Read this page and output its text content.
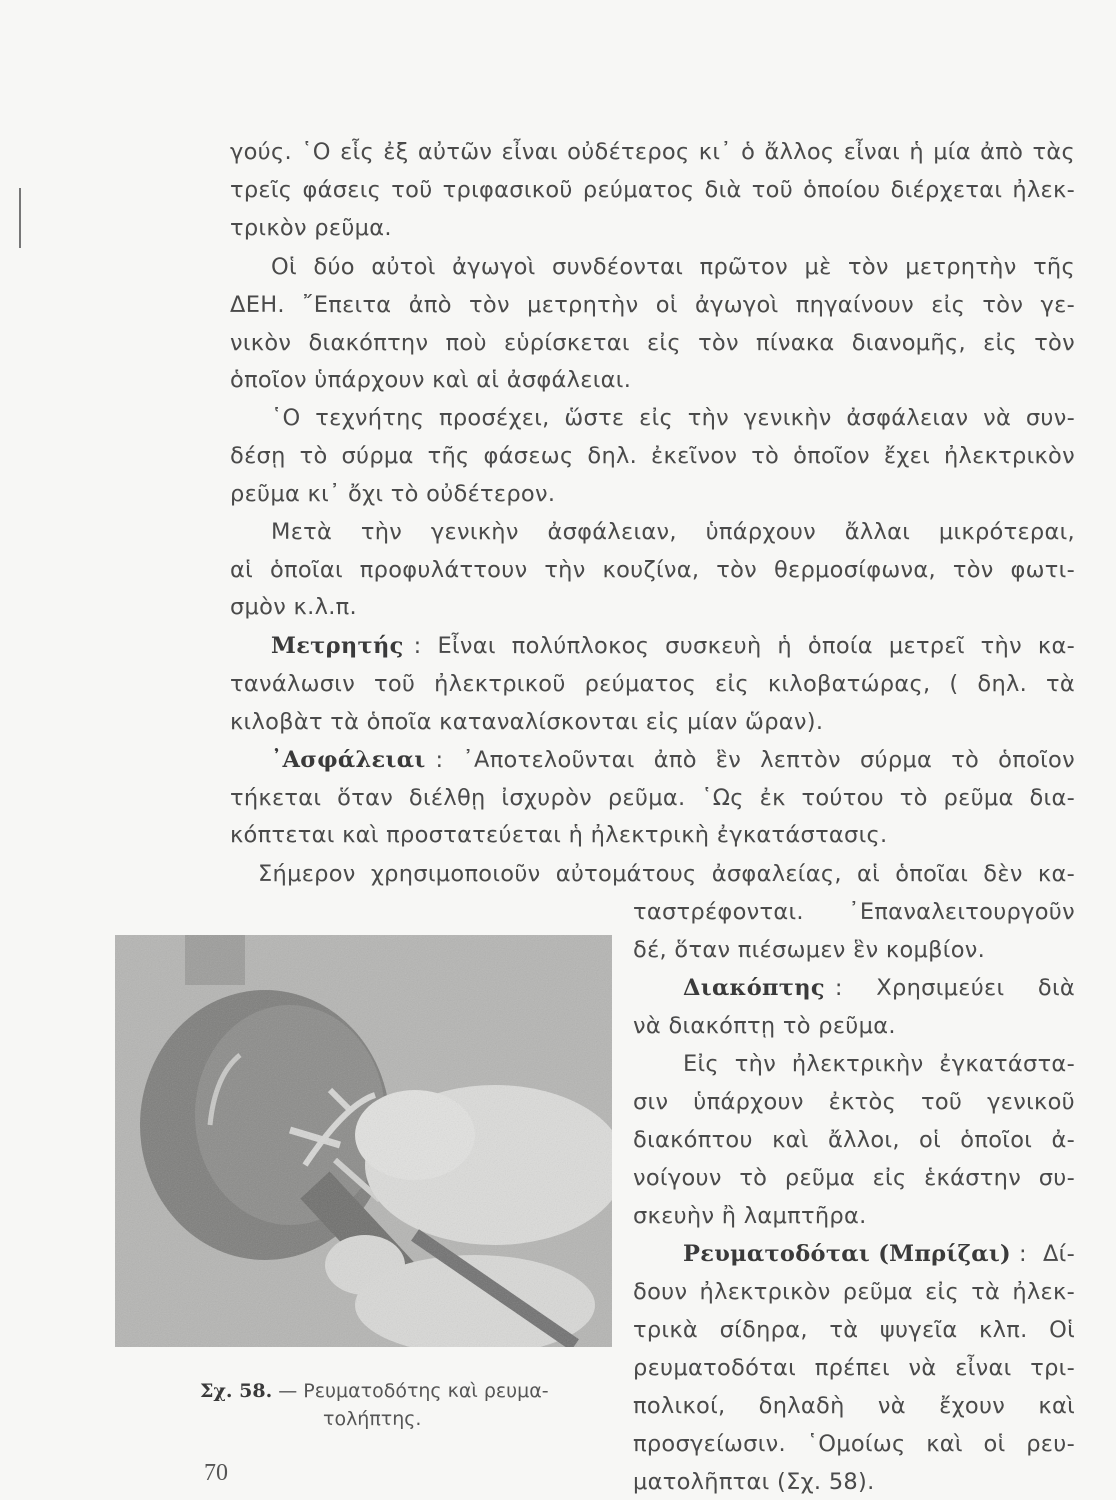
γούς. ῾Ο εἷς ἐξ αὐτῶν εἶναι οὐδέτερος κι᾿ ὁ ἄλλος εἶναι ἡ μία ἀπὸ τὰς
τρεῖς φάσεις τοῦ τριφασικοῦ ρεύματος διὰ τοῦ ὁποίου διέρχεται ἠλεκ-
τρικὸν ρεῦμα.
Οἱ δύο αὐτοὶ ἀγωγοὶ συνδέονται πρῶτον μὲ τὸν μετρητὴν τῆς
ΔΕΗ. ῎Επειτα ἀπὸ τὸν μετρητὴν οἱ ἀγωγοὶ πηγαίνουν εἰς τὸν γε-
νικὸν διακόπτην ποὺ εὑρίσκεται εἰς τὸν πίνακα διανομῆς, εἰς τὸν
ὁποῖον ὑπάρχουν καὶ αἱ ἀσφάλειαι.
῾Ο τεχνήτης προσέχει, ὥστε εἰς τὴν γενικὴν ἀσφάλειαν νὰ συν-
δέσῃ τὸ σύρμα τῆς φάσεως δηλ. ἐκεῖνον τὸ ὁποῖον ἔχει ἠλεκτρικὸν
ρεῦμα κι᾿ ὄχι τὸ οὐδέτερον.
Μετὰ τὴν γενικὴν ἀσφάλειαν, ὑπάρχουν ἄλλαι μικρότεραι,
αἱ ὁποῖαι προφυλάττουν τὴν κουζίνα, τὸν θερμοσίφωνα, τὸν φωτι-
σμὸν κ.λ.π.
Μετρητής : Εἶναι πολύπλοκος συσκευὴ ἡ ὁποία μετρεῖ τὴν κα-
τανάλωσιν τοῦ ἠλεκτρικοῦ ρεύματος εἰς κιλοβατώρας, ( δηλ. τὰ
κιλοβὰτ τὰ ὁποῖα καταναλίσκονται εἰς μίαν ὥραν).
᾿Ασφάλειαι : ᾿Αποτελοῦνται ἀπὸ ἓν λεπτὸν σύρμα τὸ ὁποῖον
τήκεται ὅταν διέλθῃ ἰσχυρὸν ρεῦμα. ῾Ως ἐκ τούτου τὸ ρεῦμα δια-
κόπτεται καὶ προστατεύεται ἡ ἠλεκτρικὴ ἐγκατάστασις.
Σήμερον χρησιμοποιοῦν αὐτομάτους ἀσφαλείας, αἱ ὁποῖαι δὲν κα-
ταστρέφονται. ᾿Επαναλειτουργοῦν
δέ, ὅταν πιέσωμεν ἓν κομβίον.
Διακόπτης : Χρησιμεύει διὰ
νὰ διακόπτῃ τὸ ρεῦμα.
Εἰς τὴν ἠλεκτρικὴν ἐγκατάστα-
σιν ὑπάρχουν ἐκτὸς τοῦ γενικοῦ
διακόπτου καὶ ἄλλοι, οἱ ὁποῖοι ἀ-
νοίγουν τὸ ρεῦμα εἰς ἑκάστην συ-
σκευὴν ἢ λαμπτῆρα.
Ρευματοδόται (Μπρίζαι) : Δί-
δουν ἠλεκτρικὸν ρεῦμα εἰς τὰ ἠλεκ-
τρικὰ σίδηρα, τὰ ψυγεῖα κλπ. Οἱ
ρευματοδόται πρέπει νὰ εἶναι τρι-
πολικοί, δηλαδὴ νὰ ἔχουν καὶ
προσγείωσιν. ῾Ομοίως καὶ οἱ ρευ-
ματολῆπται (Σχ. 58).
Σχ. 58. — Ρευματοδότης καὶ ρευμα-
τολήπτης.
70
